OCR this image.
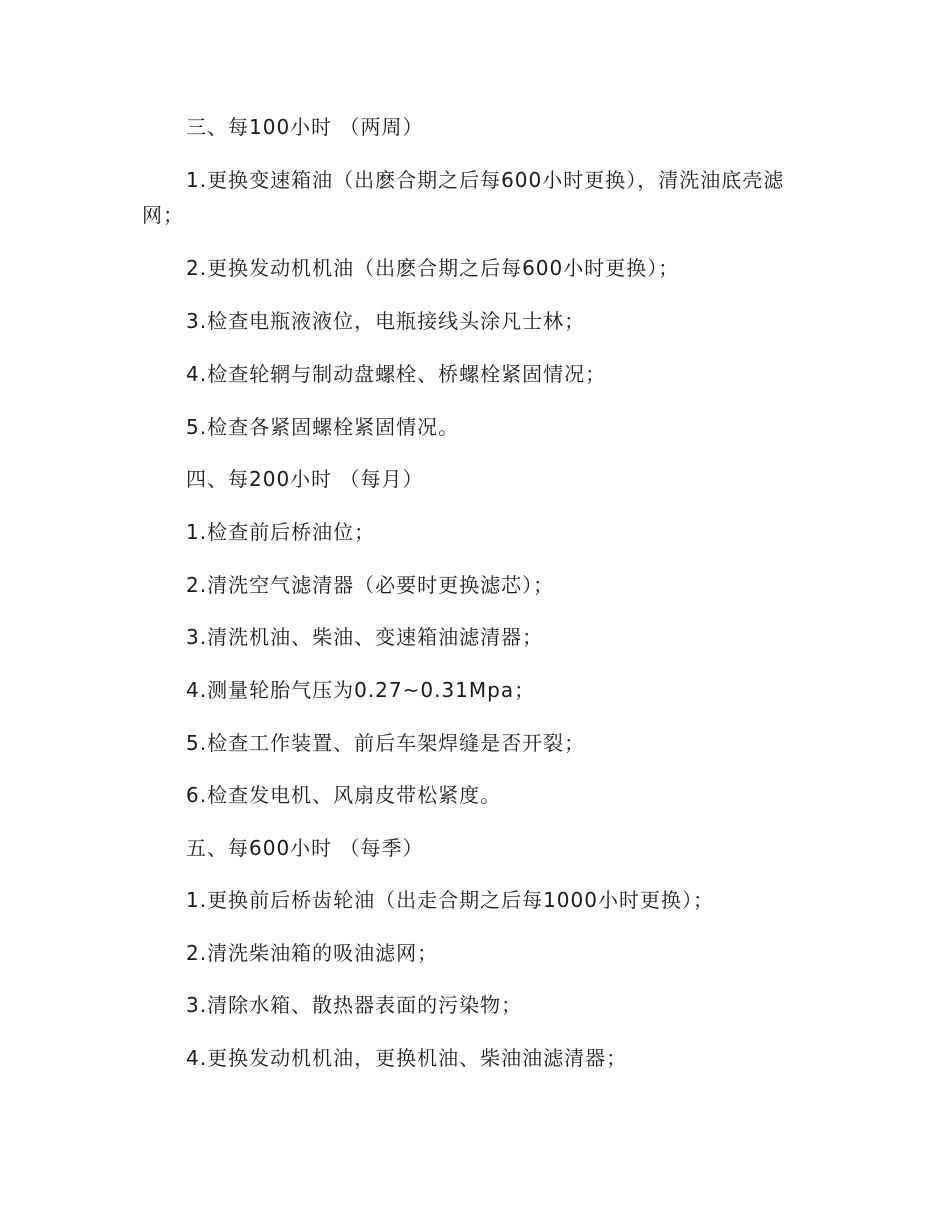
三、每100小时 （两周）

1.更换变速箱油（出麽合期之后每600小时更换），清洗油底壳滤网；

2.更换发动机机油（出麽合期之后每600小时更换）；

3.检查电瓶液液位，电瓶接线头涂凡士林；

4.检查轮辋与制动盘螺栓、桥螺栓紧固情况；

5.检查各紧固螺栓紧固情况。

四、每200小时 （每月）

1.检查前后桥油位；

2.清洗空气滤清器（必要时更换滤芯）；

3.清洗机油、柴油、变速箱油滤清器；

4.测量轮胎气压为0.27~0.31Mpa；

5.检查工作装置、前后车架焊缝是否开裂；

6.检查发电机、风扇皮带松紧度。

五、每600小时 （每季）

1.更换前后桥齿轮油（出走合期之后每1000小时更换）；

2.清洗柴油箱的吸油滤网；

3.清除水箱、散热器表面的污染物；

4.更换发动机机油，更换机油、柴油油滤清器；
